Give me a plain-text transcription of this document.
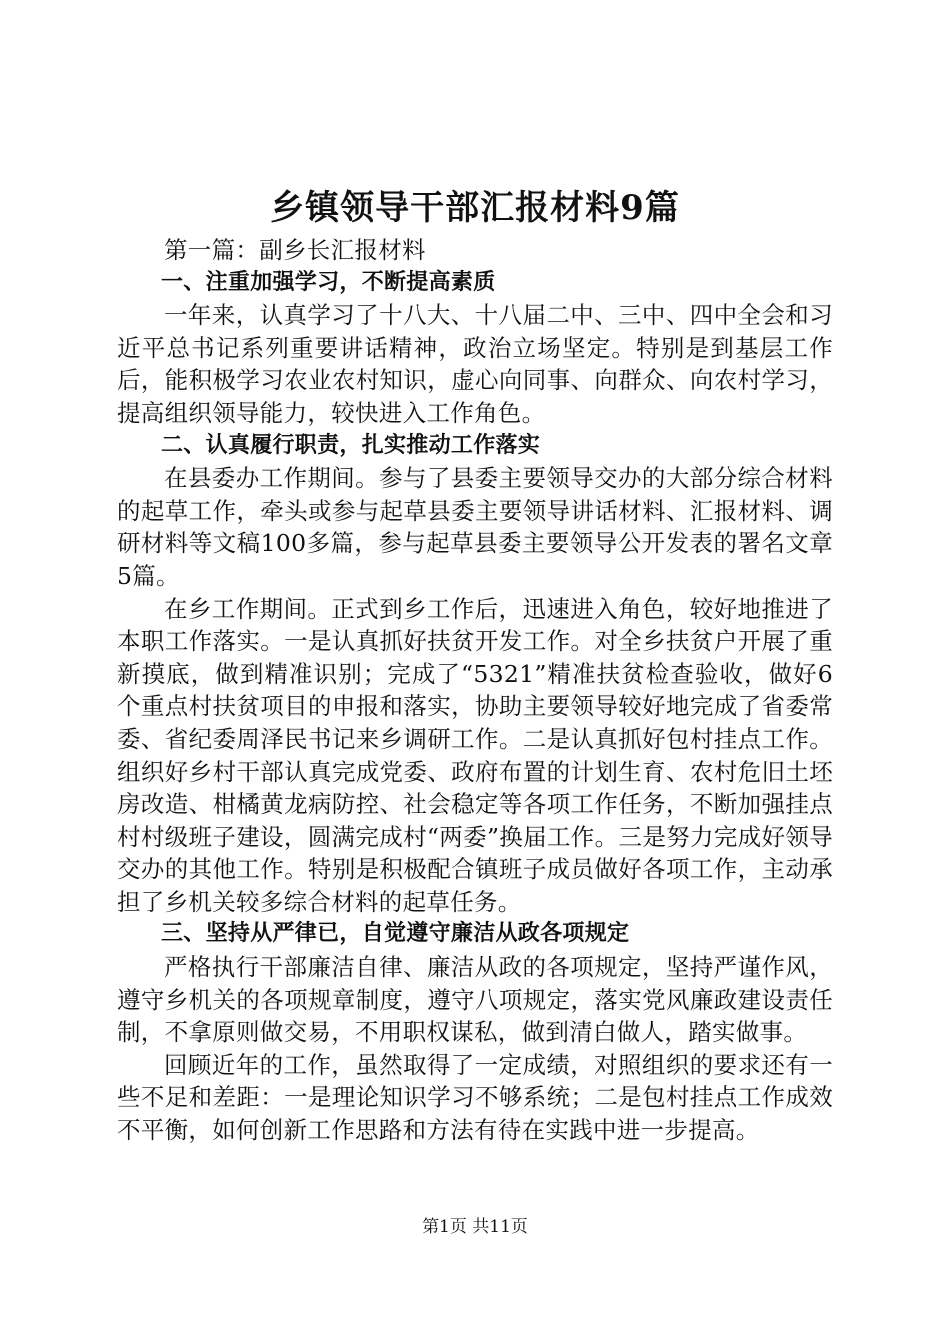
乡镇领导干部汇报材料9篇

第一篇：副乡长汇报材料

一、注重加强学习，不断提高素质

一年来，认真学习了十八大、十八届二中、三中、四中全会和习近平总书记系列重要讲话精神，政治立场坚定。特别是到基层工作后，能积极学习农业农村知识，虚心向同事、向群众、向农村学习，提高组织领导能力，较快进入工作角色。

二、认真履行职责，扎实推动工作落实

在县委办工作期间。参与了县委主要领导交办的大部分综合材料的起草工作，牵头或参与起草县委主要领导讲话材料、汇报材料、调研材料等文稿100多篇，参与起草县委主要领导公开发表的署名文章5篇。

在乡工作期间。正式到乡工作后，迅速进入角色，较好地推进了本职工作落实。一是认真抓好扶贫开发工作。对全乡扶贫户开展了重新摸底，做到精准识别；完成了“5321”精准扶贫检查验收，做好6个重点村扶贫项目的申报和落实，协助主要领导较好地完成了省委常委、省纪委周泽民书记来乡调研工作。二是认真抓好包村挂点工作。组织好乡村干部认真完成党委、政府布置的计划生育、农村危旧土坯房改造、柑橘黄龙病防控、社会稳定等各项工作任务，不断加强挂点村村级班子建设，圆满完成村“两委”换届工作。三是努力完成好领导交办的其他工作。特别是积极配合镇班子成员做好各项工作，主动承担了乡机关较多综合材料的起草任务。

三、坚持从严律已，自觉遵守廉洁从政各项规定

严格执行干部廉洁自律、廉洁从政的各项规定，坚持严谨作风，遵守乡机关的各项规章制度，遵守八项规定，落实党风廉政建设责任制，不拿原则做交易，不用职权谋私，做到清白做人，踏实做事。

回顾近年的工作，虽然取得了一定成绩，对照组织的要求还有一些不足和差距：一是理论知识学习不够系统；二是包村挂点工作成效不平衡，如何创新工作思路和方法有待在实践中进一步提高。

第1页 共11页
